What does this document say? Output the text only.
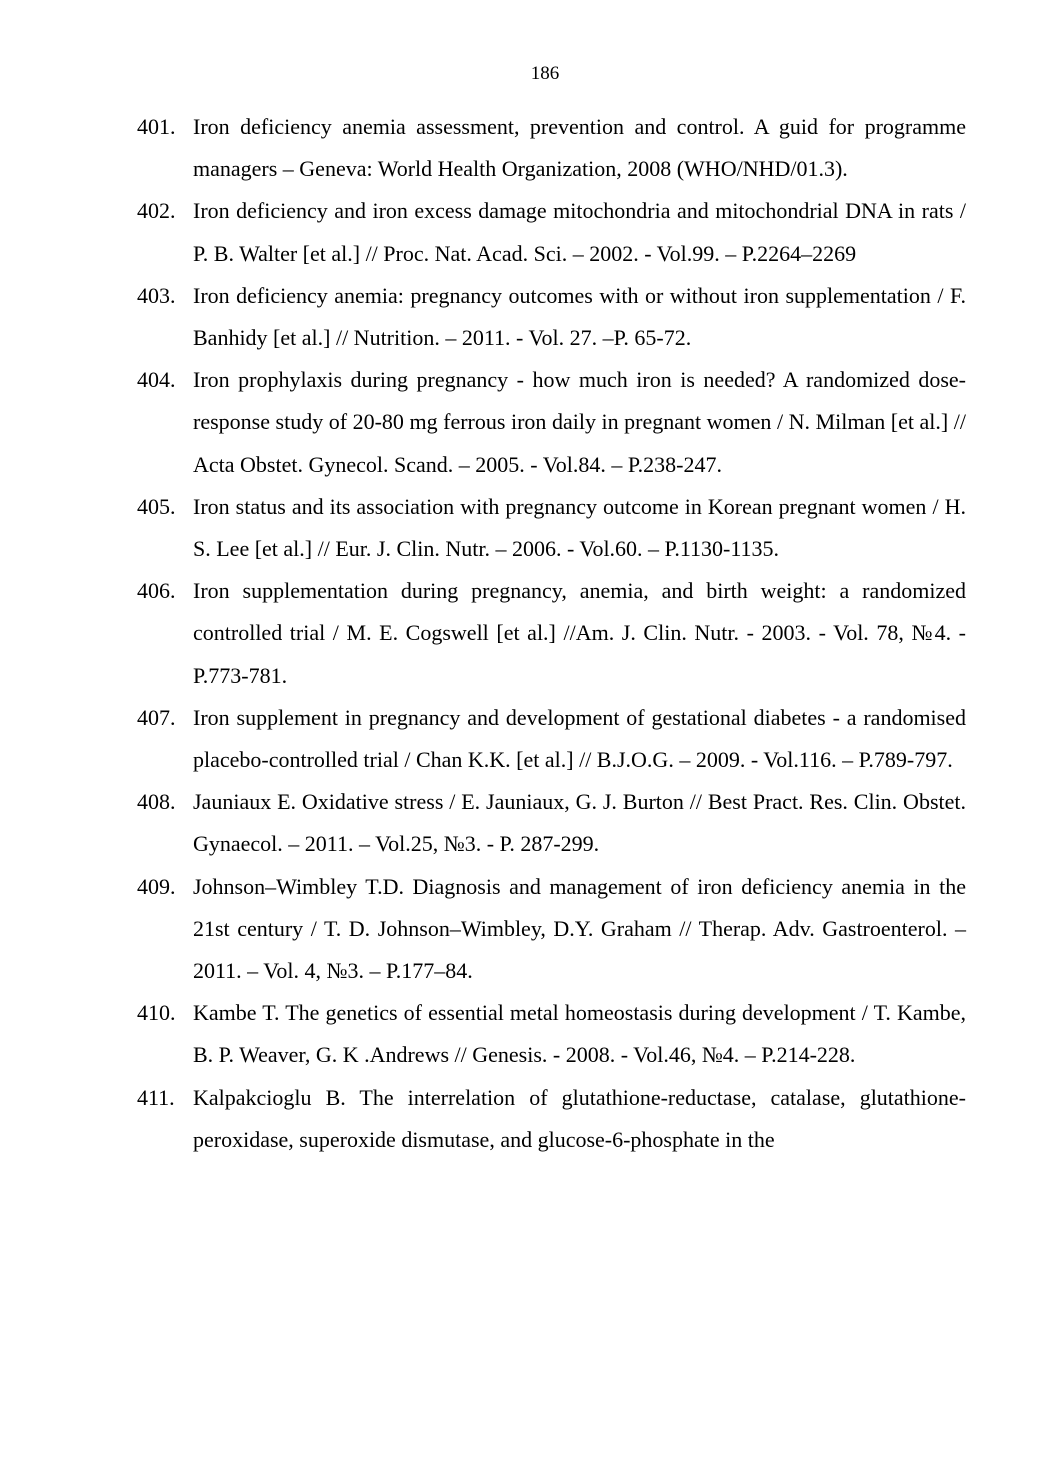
186
401. Iron deficiency anemia assessment, prevention and control. A guid for programme managers – Geneva: World Health Organization, 2008 (WHO/NHD/01.3).
402. Iron deficiency and iron excess damage mitochondria and mitochondrial DNA in rats / P. B. Walter [et al.] // Proc. Nat. Acad. Sci. – 2002. - Vol.99. – P.2264–2269
403. Iron deficiency anemia: pregnancy outcomes with or without iron supplementation / F. Banhidy [et al.] // Nutrition. – 2011. - Vol. 27. –P. 65-72.
404. Iron prophylaxis during pregnancy - how much iron is needed? A randomized dose- response study of 20-80 mg ferrous iron daily in pregnant women / N. Milman [et al.] // Acta Obstet. Gynecol. Scand. – 2005. - Vol.84. – P.238-247.
405. Iron status and its association with pregnancy outcome in Korean pregnant women / H. S. Lee [et al.] // Eur. J. Clin. Nutr. – 2006. - Vol.60. – P.1130-1135.
406. Iron supplementation during pregnancy, anemia, and birth weight: a randomized controlled trial / M. E. Cogswell [et al.] //Am. J. Clin. Nutr. - 2003. - Vol. 78, №4. - P.773-781.
407. Iron supplement in pregnancy and development of gestational diabetes - a randomised placebo-controlled trial / Chan K.K. [et al.] // B.J.O.G. – 2009. - Vol.116. – P.789-797.
408. Jauniaux E. Oxidative stress / E. Jauniaux, G. J. Burton // Best Pract. Res. Clin. Obstet. Gynaecol. – 2011. – Vol.25, №3. - P. 287-299.
409. Johnson–Wimbley T.D. Diagnosis and management of iron deficiency anemia in the 21st century / T. D. Johnson–Wimbley, D.Y. Graham // Therap. Adv. Gastroenterol. – 2011. – Vol. 4, №3. – P.177–84.
410. Kambe T. The genetics of essential metal homeostasis during development / T. Kambe, B. P. Weaver, G. K .Andrews // Genesis. - 2008. - Vol.46, №4. – P.214-228.
411. Kalpakcioglu B. The interrelation of glutathione-reductase, catalase, glutathione-peroxidase, superoxide dismutase, and glucose-6-phosphate in the
